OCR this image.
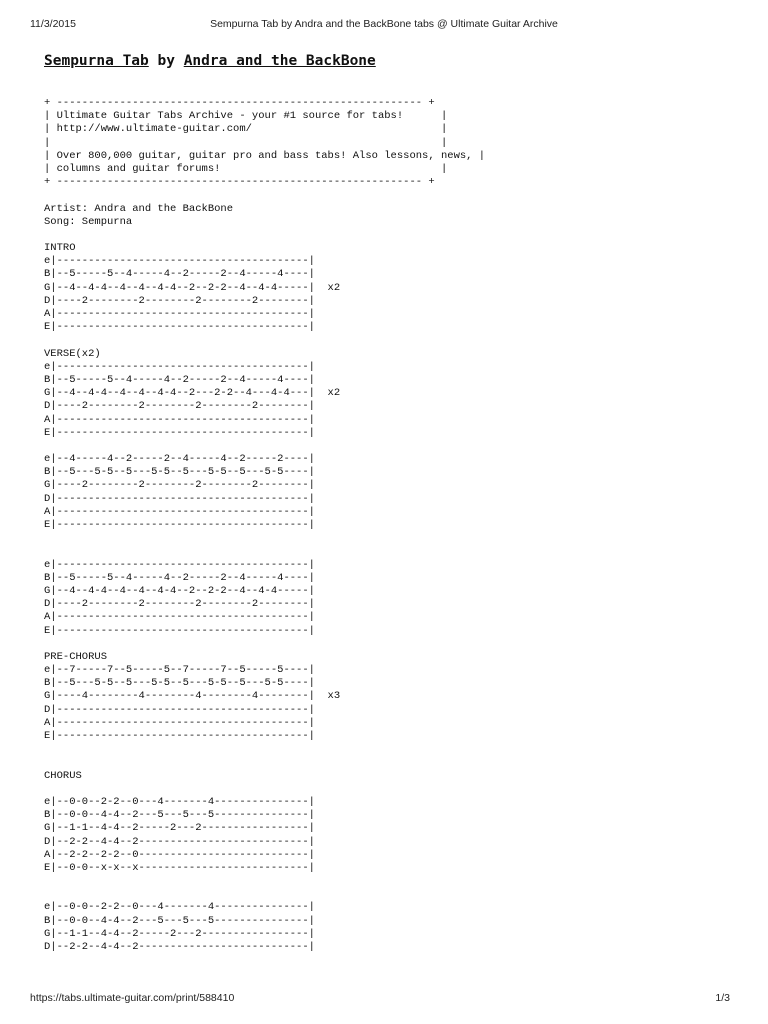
11/3/2015	Sempurna Tab by Andra and the BackBone tabs @ Ultimate Guitar Archive
Sempurna Tab by Andra and the BackBone
+ ---------------------------------------------------------- +
| Ultimate Guitar Tabs Archive - your #1 source for tabs!      |
| http://www.ultimate-guitar.com/                              |
|                                                              |
| Over 800,000 guitar, guitar pro and bass tabs! Also lessons, news, |
| columns and guitar forums!                                   |
+ ---------------------------------------------------------- +
Artist: Andra and the BackBone
Song: Sempurna
INTRO
e|----------------------------------------|
B|--5-----5--4-----4--2-----2--4-----4----|
G|--4--4-4--4--4--4-4--2--2-2--4--4-4-----|  x2
D|----2--------2--------2--------2--------|
A|----------------------------------------|
E|----------------------------------------|
VERSE(x2)
e|----------------------------------------|
B|--5-----5--4-----4--2-----2--4-----4----|
G|--4--4-4--4--4--4-4--2---2-2--4---4-4---|  x2
D|----2--------2--------2--------2--------|
A|----------------------------------------|
E|----------------------------------------|
e|--4-----4--2-----2--4-----4--2-----2----|
B|--5---5-5--5---5-5--5---5-5--5---5-5----|
G|----2--------2--------2--------2--------|
D|----------------------------------------|
A|----------------------------------------|
E|----------------------------------------|
e|----------------------------------------|
B|--5-----5--4-----4--2-----2--4-----4----|
G|--4--4-4--4--4--4-4--2--2-2--4--4-4-----|
D|----2--------2--------2--------2--------|
A|----------------------------------------|
E|----------------------------------------|
PRE-CHORUS
e|--7-----7--5-----5--7-----7--5-----5----|
B|--5---5-5--5---5-5--5---5-5--5---5-5----|
G|----4--------4--------4--------4--------|  x3
D|----------------------------------------|
A|----------------------------------------|
E|----------------------------------------|
CHORUS
e|--0-0--2-2--0---4-------4---------------|
B|--0-0--4-4--2---5---5---5---------------|
G|--1-1--4-4--2-----2---2-----------------|
D|--2-2--4-4--2---------------------------|
A|--2-2--2-2--0---------------------------|
E|--0-0--x-x--x---------------------------|
e|--0-0--2-2--0---4-------4---------------|
B|--0-0--4-4--2---5---5---5---------------|
G|--1-1--4-4--2-----2---2-----------------|
D|--2-2--4-4--2---------------------------|
https://tabs.ultimate-guitar.com/print/588410	1/3
